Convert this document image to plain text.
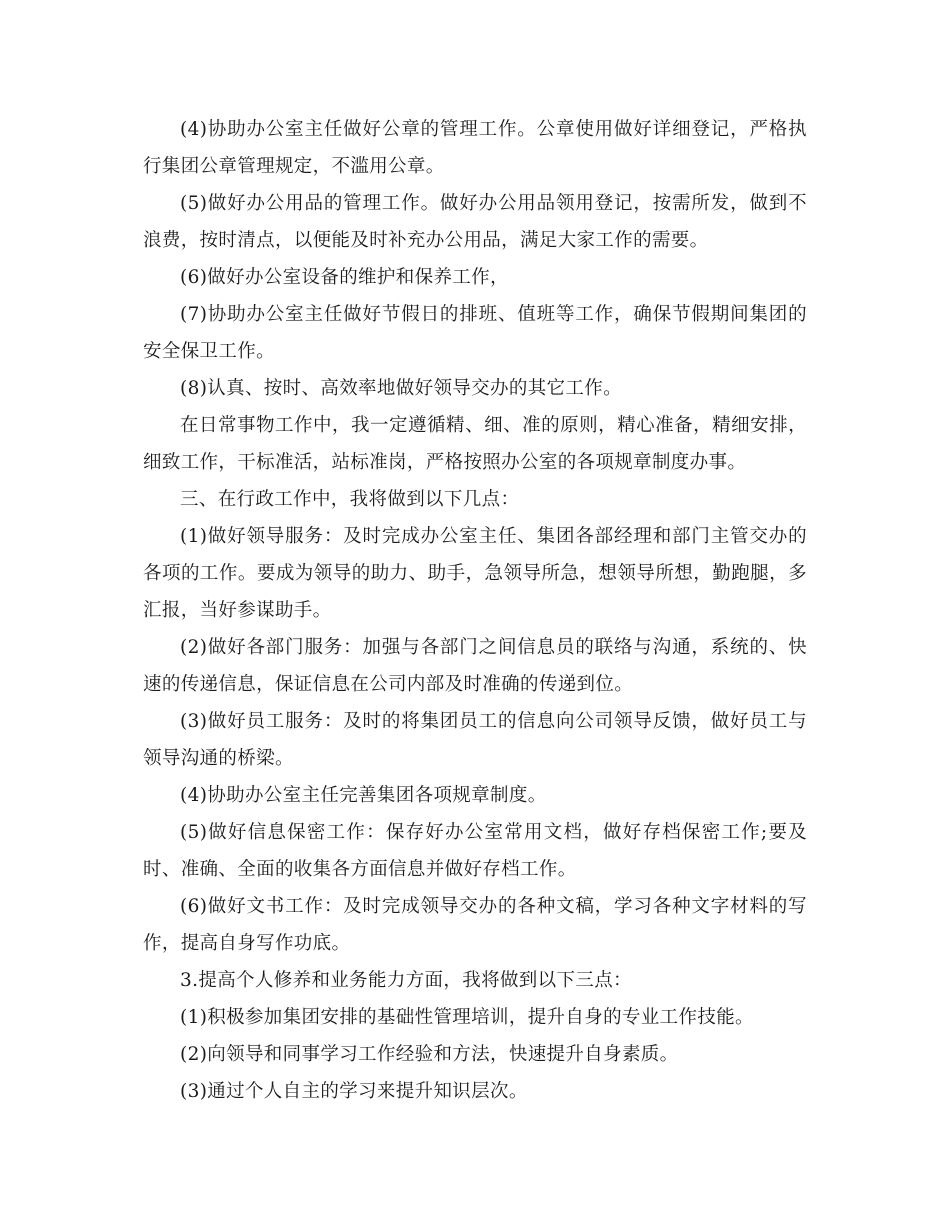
(4)协助办公室主任做好公章的管理工作。公章使用做好详细登记，严格执行集团公章管理规定，不滥用公章。

(5)做好办公用品的管理工作。做好办公用品领用登记，按需所发，做到不浪费，按时清点，以便能及时补充办公用品，满足大家工作的需要。

(6)做好办公室设备的维护和保养工作，

(7)协助办公室主任做好节假日的排班、值班等工作，确保节假期间集团的安全保卫工作。

(8)认真、按时、高效率地做好领导交办的其它工作。

在日常事物工作中，我一定遵循精、细、准的原则，精心准备，精细安排，细致工作，干标准活，站标准岗，严格按照办公室的各项规章制度办事。

三、在行政工作中，我将做到以下几点：

(1)做好领导服务：及时完成办公室主任、集团各部经理和部门主管交办的各项的工作。要成为领导的助力、助手，急领导所急，想领导所想，勤跑腿，多汇报，当好参谋助手。

(2)做好各部门服务：加强与各部门之间信息员的联络与沟通，系统的、快速的传递信息，保证信息在公司内部及时准确的传递到位。

(3)做好员工服务：及时的将集团员工的信息向公司领导反馈，做好员工与领导沟通的桥梁。

(4)协助办公室主任完善集团各项规章制度。

(5)做好信息保密工作：保存好办公室常用文档，做好存档保密工作;要及时、准确、全面的收集各方面信息并做好存档工作。

(6)做好文书工作：及时完成领导交办的各种文稿，学习各种文字材料的写作，提高自身写作功底。

3.提高个人修养和业务能力方面，我将做到以下三点：

(1)积极参加集团安排的基础性管理培训，提升自身的专业工作技能。

(2)向领导和同事学习工作经验和方法，快速提升自身素质。

(3)通过个人自主的学习来提升知识层次。
